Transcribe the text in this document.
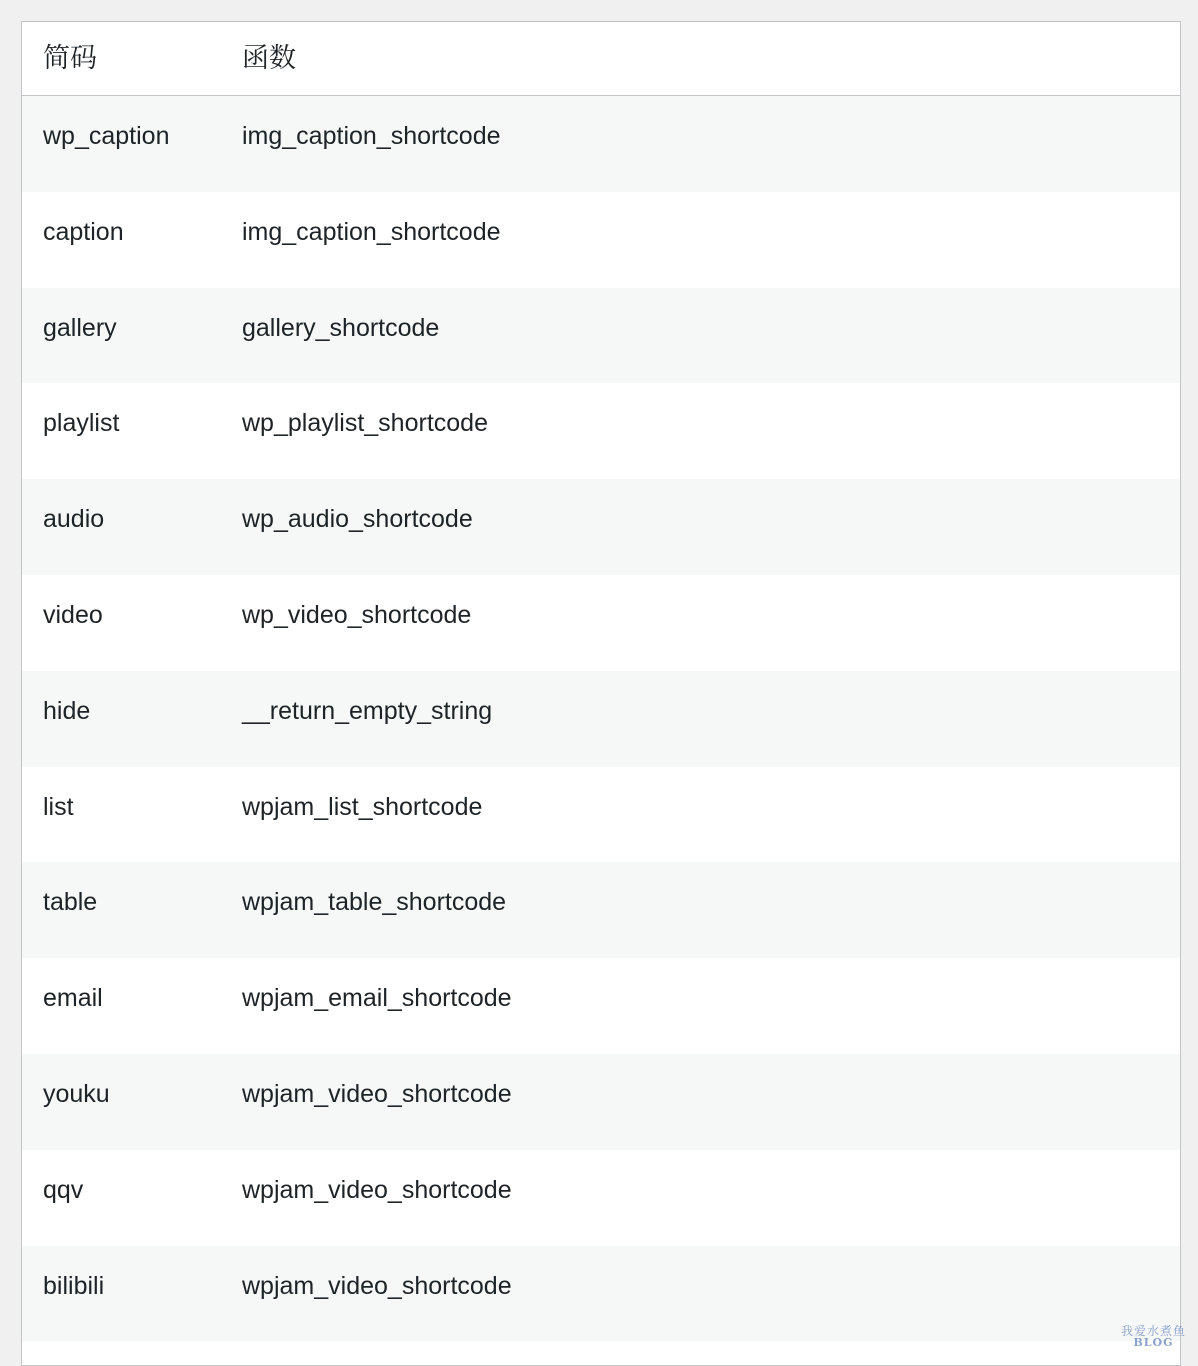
简码	函数
wp_caption	img_caption_shortcode
caption	img_caption_shortcode
gallery	gallery_shortcode
playlist	wp_playlist_shortcode
audio	wp_audio_shortcode
video	wp_video_shortcode
hide	__return_empty_string
list	wpjam_list_shortcode
table	wpjam_table_shortcode
email	wpjam_email_shortcode
youku	wpjam_video_shortcode
qqv	wpjam_video_shortcode
bilibili	wpjam_video_shortcode
我爱水煮鱼
BLOG
